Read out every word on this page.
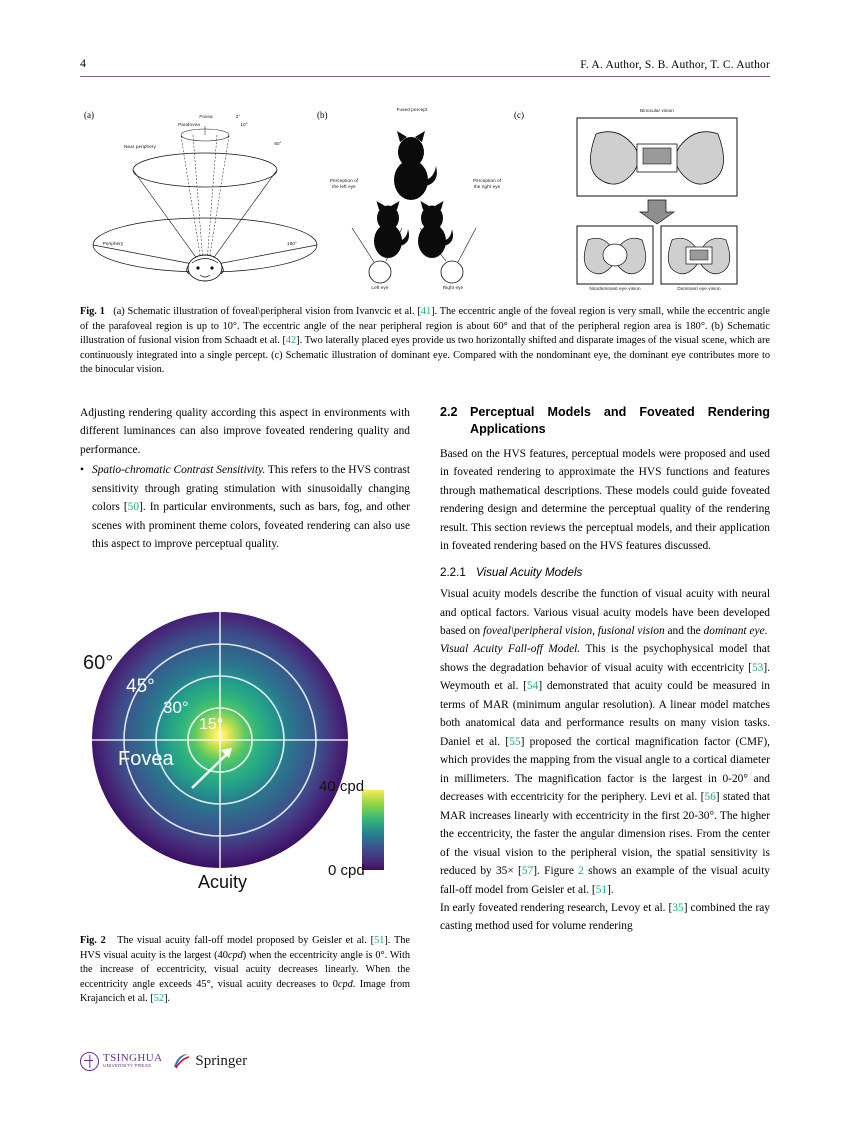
4	F. A. Author, S. B. Author, T. C. Author
(a)	(b)	(c)
Fovea	2°
Parafovea	10°
Near periphery
60°
Periphery	180°
Fused percept
Perception of
the left eye
Perception of
the right eye
Left eye	Right eye
Binocular vision
Nondominant eye vision	Dominant eye vision
Fig. 1 (a) Schematic illustration of foveal\peripheral vision from Ivanvcic et al. [41]. The eccentric angle of the foveal region is very small, while the eccentric angle of the parafoveal region is up to 10°. The eccentric angle of the near peripheral region is about 60° and that of the peripheral region area is 180°. (b) Schematic illustration of fusional vision from Schaadt et al. [42]. Two laterally placed eyes provide us two horizontally shifted and disparate images of the visual scene, which are continuously integrated into a single percept. (c) Schematic illustration of dominant eye. Compared with the nondominant eye, the dominant eye contributes more to the binocular vision.

Adjusting rendering quality according this aspect in environments with different luminances can also improve foveated rendering quality and performance.

• Spatio-chromatic Contrast Sensitivity. This refers to the HVS contrast sensitivity through grating stimulation with sinusoidally changing colors [50]. In particular environments, such as bars, fog, and other scenes with prominent theme colors, foveated rendering can also use this aspect to improve perceptual quality.
2.2 Perceptual Models and Foveated Rendering Applications

Based on the HVS features, perceptual models were proposed and used in foveated rendering to approximate the HVS functions and features through mathematical descriptions. These models could guide foveated rendering design and determine the perceptual quality of the rendering result. This section reviews the perceptual models, and their application in foveated rendering based on the HVS features discussed.

2.2.1 Visual Acuity Models

Visual acuity models describe the function of visual acuity with neural and optical factors. Various visual acuity models have been developed based on foveal\peripheral vision, fusional vision and the dominant eye.

Visual Acuity Fall-off Model. This is the psychophysical model that shows the degradation behavior of visual acuity with eccentricity [53]. Weymouth et al. [54] demonstrated that acuity could be measured in terms of MAR (minimum angular resolution). A linear model matches both anatomical data and performance results on many vision tasks. Daniel et al. [55] proposed the cortical magnification factor (CMF), which provides the mapping from the visual angle to a cortical diameter in millimeters. The magnification factor is the largest in 0-20° and decreases with eccentricity for the periphery. Levi et al. [56] stated that MAR increases linearly with eccentricity in the first 20-30°. The higher the eccentricity, the faster the angular dimension rises. From the center of the visual vision to the peripheral vision, the spatial sensitivity is reduced by 35× [57]. Figure 2 shows an example of the visual acuity fall-off model from Geisler et al. [51].

In early foveated rendering research, Levoy et al. [35] combined the ray casting method used for volume rendering

60°
45°
30°
15°
Fovea
40 cpd
0 cpd
Acuity
Fig. 2 The visual acuity fall-off model proposed by Geisler et al. [51]. The HVS visual acuity is the largest (40cpd) when the eccentricity angle is 0°. With the increase of eccentricity, visual acuity decreases linearly. When the eccentricity angle exceeds 45°, visual acuity decreases to 0cpd. Image from Krajancich et al. [52].
TSINGHUA
UNIVERSITY PRESS	Springer
